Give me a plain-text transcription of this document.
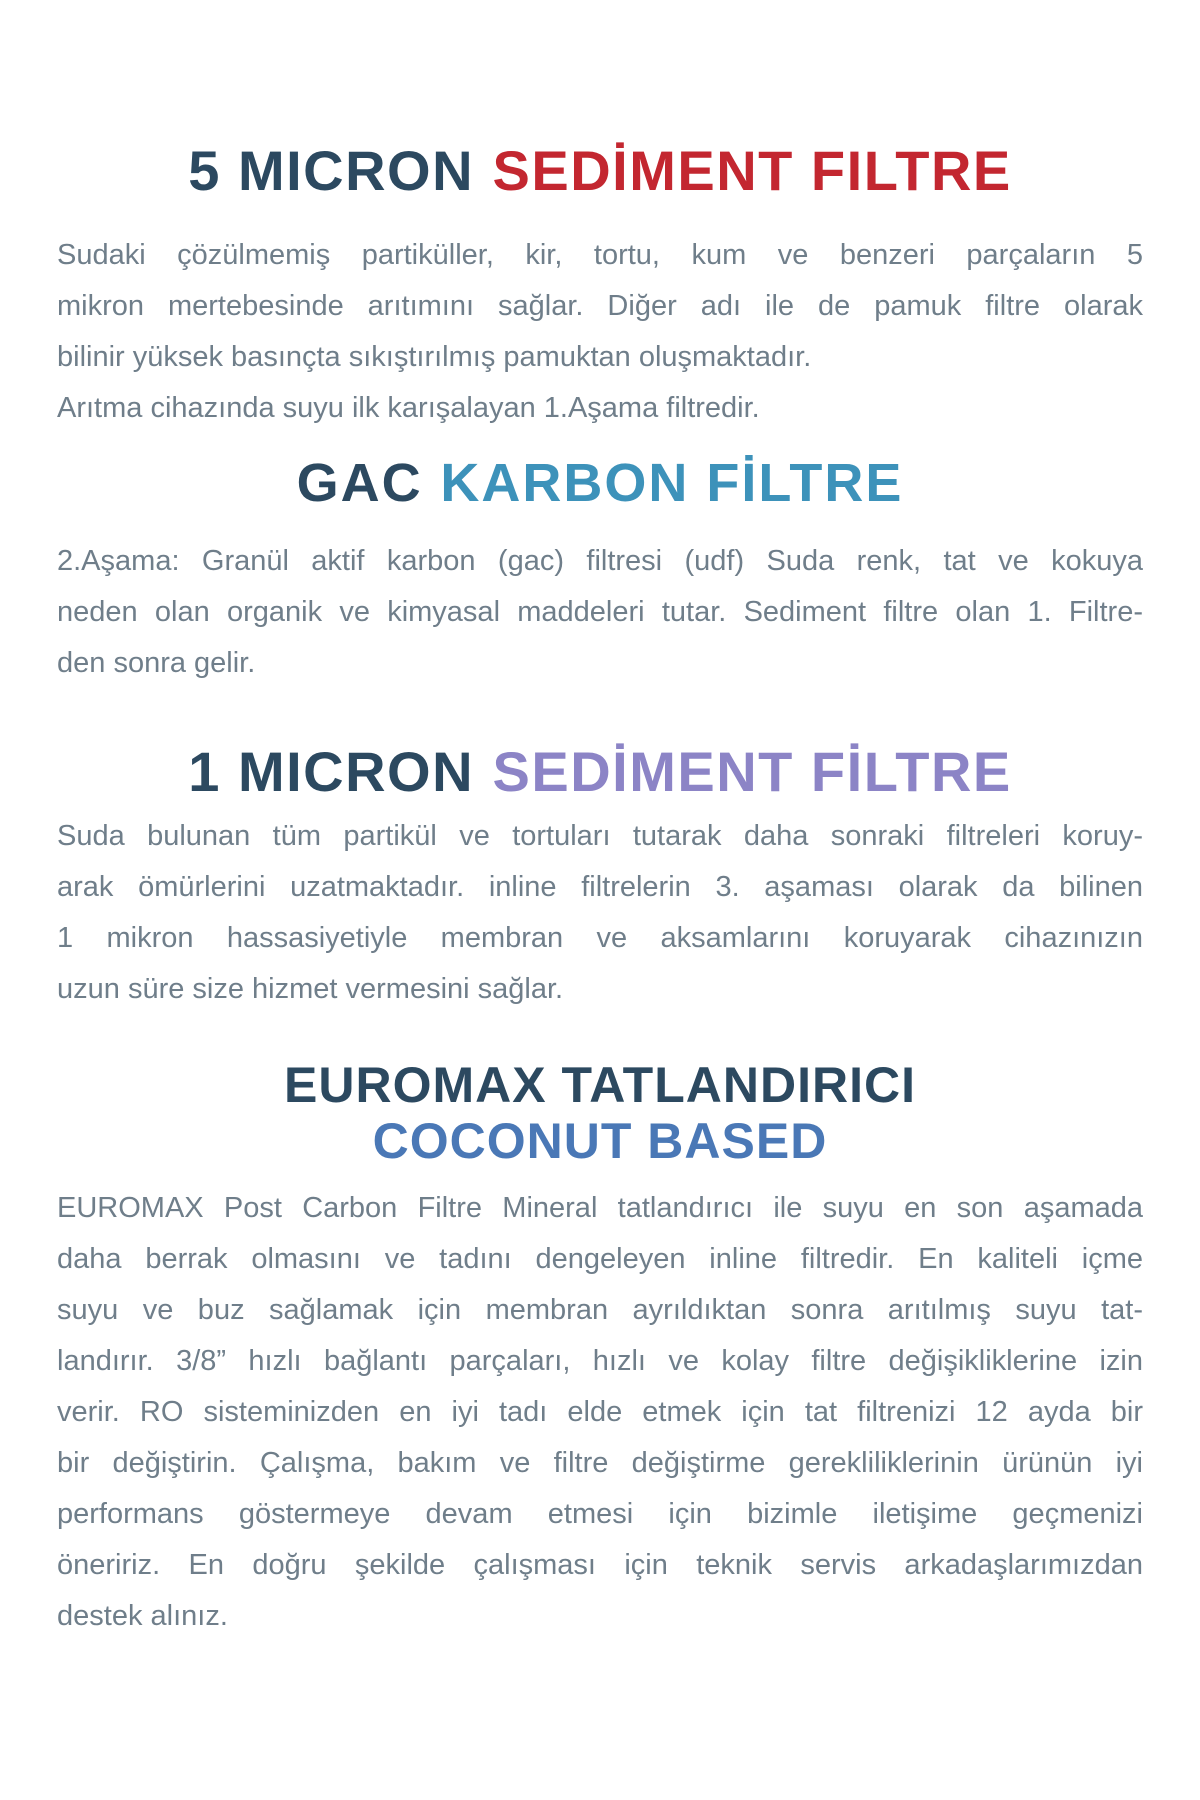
5 MICRON SEDİMENT FILTRE
Sudaki çözülmemiş partiküller, kir, tortu, kum ve benzeri parçaların 5
mikron mertebesinde arıtımını sağlar. Diğer adı ile de pamuk filtre olarak
bilinir yüksek basınçta sıkıştırılmış pamuktan oluşmaktadır.
Arıtma cihazında suyu ilk karışalayan 1.Aşama filtredir.
GAC KARBON FİLTRE
2.Aşama: Granül aktif karbon (gac) filtresi (udf) Suda renk, tat ve kokuya
neden olan organik ve kimyasal maddeleri tutar. Sediment filtre olan 1. Filtre-
den sonra gelir.
1 MICRON SEDİMENT FİLTRE
Suda bulunan tüm partikül ve tortuları tutarak daha sonraki filtreleri koruy-
arak ömürlerini uzatmaktadır. inline filtrelerin 3. aşaması olarak da bilinen
1 mikron hassasiyetiyle membran ve aksamlarını koruyarak cihazınızın
uzun süre size hizmet vermesini sağlar.
EUROMAX TATLANDIRICI
COCONUT BASED
EUROMAX Post Carbon Filtre Mineral tatlandırıcı ile suyu en son aşamada
daha berrak olmasını ve tadını dengeleyen inline filtredir. En kaliteli içme
suyu ve buz sağlamak için membran ayrıldıktan sonra arıtılmış suyu tat-
landırır. 3/8” hızlı bağlantı parçaları, hızlı ve kolay filtre değişikliklerine izin
verir. RO sisteminizden en iyi tadı elde etmek için tat filtrenizi 12 ayda bir
bir değiştirin. Çalışma, bakım ve filtre değiştirme gerekliliklerinin ürünün iyi
performans göstermeye devam etmesi için bizimle iletişime geçmenizi
öneririz. En doğru şekilde çalışması için teknik servis arkadaşlarımızdan
destek alınız.
